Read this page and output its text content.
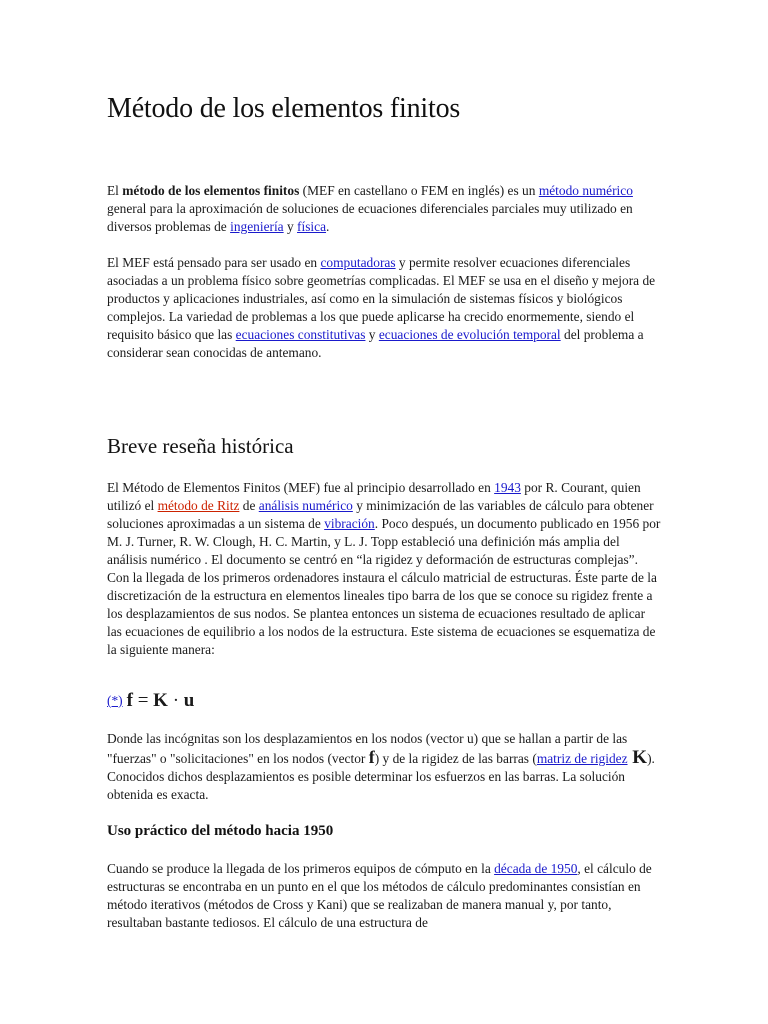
Método de los elementos finitos

El método de los elementos finitos (MEF en castellano o FEM en inglés) es un método numérico general para la aproximación de soluciones de ecuaciones diferenciales parciales muy utilizado en diversos problemas de ingeniería y física.

El MEF está pensado para ser usado en computadoras y permite resolver ecuaciones diferenciales asociadas a un problema físico sobre geometrías complicadas. El MEF se usa en el diseño y mejora de productos y aplicaciones industriales, así como en la simulación de sistemas físicos y biológicos complejos. La variedad de problemas a los que puede aplicarse ha crecido enormemente, siendo el requisito básico que las ecuaciones constitutivas y ecuaciones de evolución temporal del problema a considerar sean conocidas de antemano.

Breve reseña histórica

El Método de Elementos Finitos (MEF) fue al principio desarrollado en 1943 por R. Courant, quien utilizó el método de Ritz de análisis numérico y minimización de las variables de cálculo para obtener soluciones aproximadas a un sistema de vibración. Poco después, un documento publicado en 1956 por M. J. Turner, R. W. Clough, H. C. Martin, y L. J. Topp estableció una definición más amplia del análisis numérico . El documento se centró en “la rigidez y deformación de estructuras complejas”. Con la llegada de los primeros ordenadores instaura el cálculo matricial de estructuras. Éste parte de la discretización de la estructura en elementos lineales tipo barra de los que se conoce su rigidez frente a los desplazamientos de sus nodos. Se plantea entonces un sistema de ecuaciones resultado de aplicar las ecuaciones de equilibrio a los nodos de la estructura. Este sistema de ecuaciones se esquematiza de la siguiente manera:

(*) f = K · u

Donde las incógnitas son los desplazamientos en los nodos (vector u) que se hallan a partir de las "fuerzas" o "solicitaciones" en los nodos (vector f) y de la rigidez de las barras (matriz de rigidez K). Conocidos dichos desplazamientos es posible determinar los esfuerzos en las barras. La solución obtenida es exacta.

Uso práctico del método hacia 1950

Cuando se produce la llegada de los primeros equipos de cómputo en la década de 1950, el cálculo de estructuras se encontraba en un punto en el que los métodos de cálculo predominantes consistían en método iterativos (métodos de Cross y Kani) que se realizaban de manera manual y, por tanto, resultaban bastante tediosos. El cálculo de una estructura de
